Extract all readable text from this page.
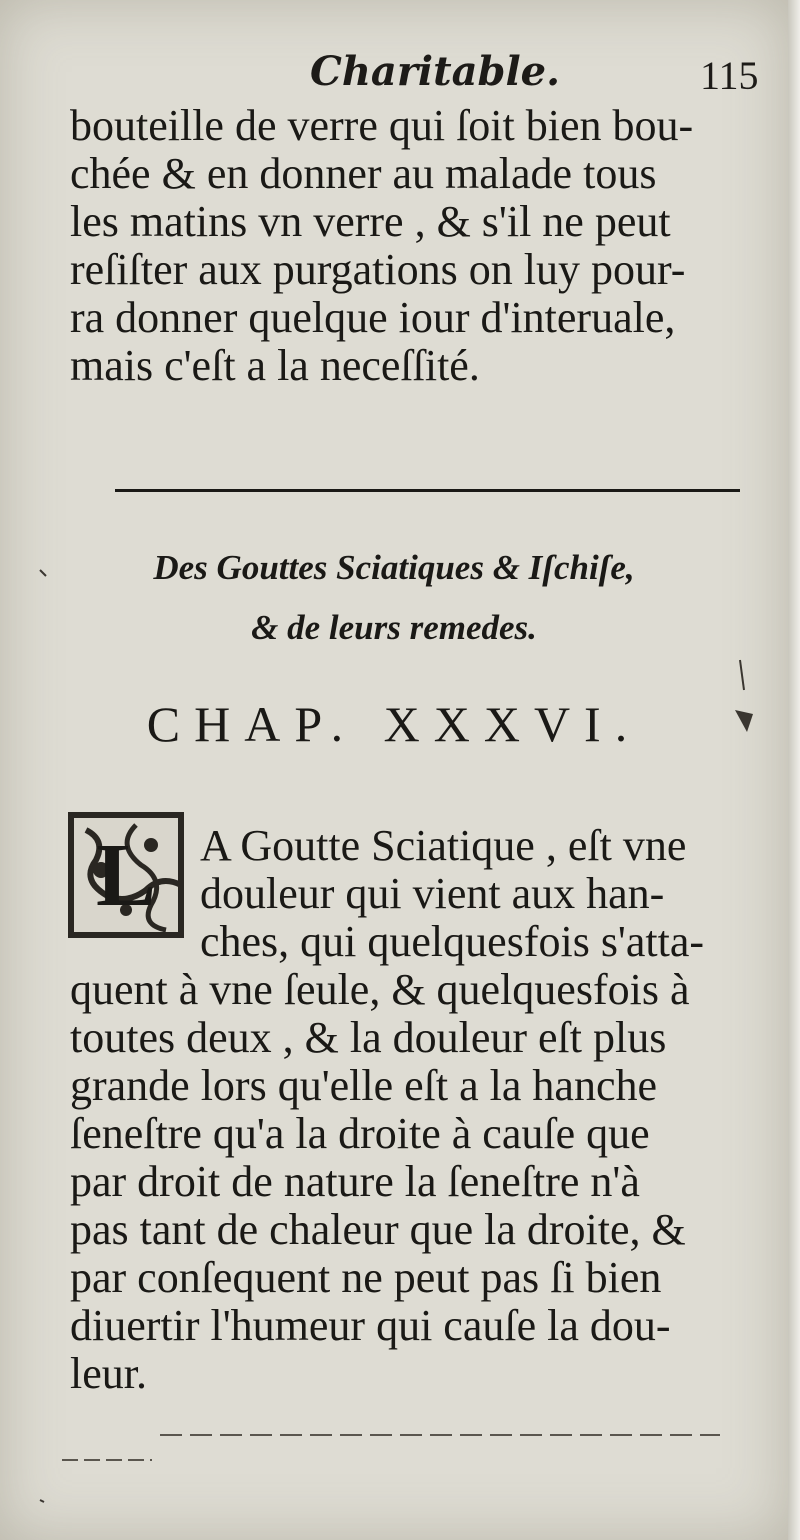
Charitable.	115

bouteille de verre qui ſoit bien bou-
chée & en donner au malade tous
les matins vn verre , & s'il ne peut
reſiſter aux purgations on luy pour-
ra donner quelque iour d'interuale,
mais c'eſt a la neceſſité.

Des Gouttes Sciatiques & Iſchiſe,
& de leurs remedes.
CHAP. XXXVI.
L A Goutte Sciatique , eſt vne
douleur qui vient aux han-
ches, qui quelquesfois s'atta-

quent à vne ſeule, & quelquesfois à
toutes deux , & la douleur eſt plus
grande lors qu'elle eſt a la hanche
ſeneſtre qu'a la droite à cauſe que
par droit de nature la ſeneſtre n'à
pas tant de chaleur que la droite, &
par conſequent ne peut pas ſi bien
diuertir l'humeur qui cauſe la dou-
leur.
